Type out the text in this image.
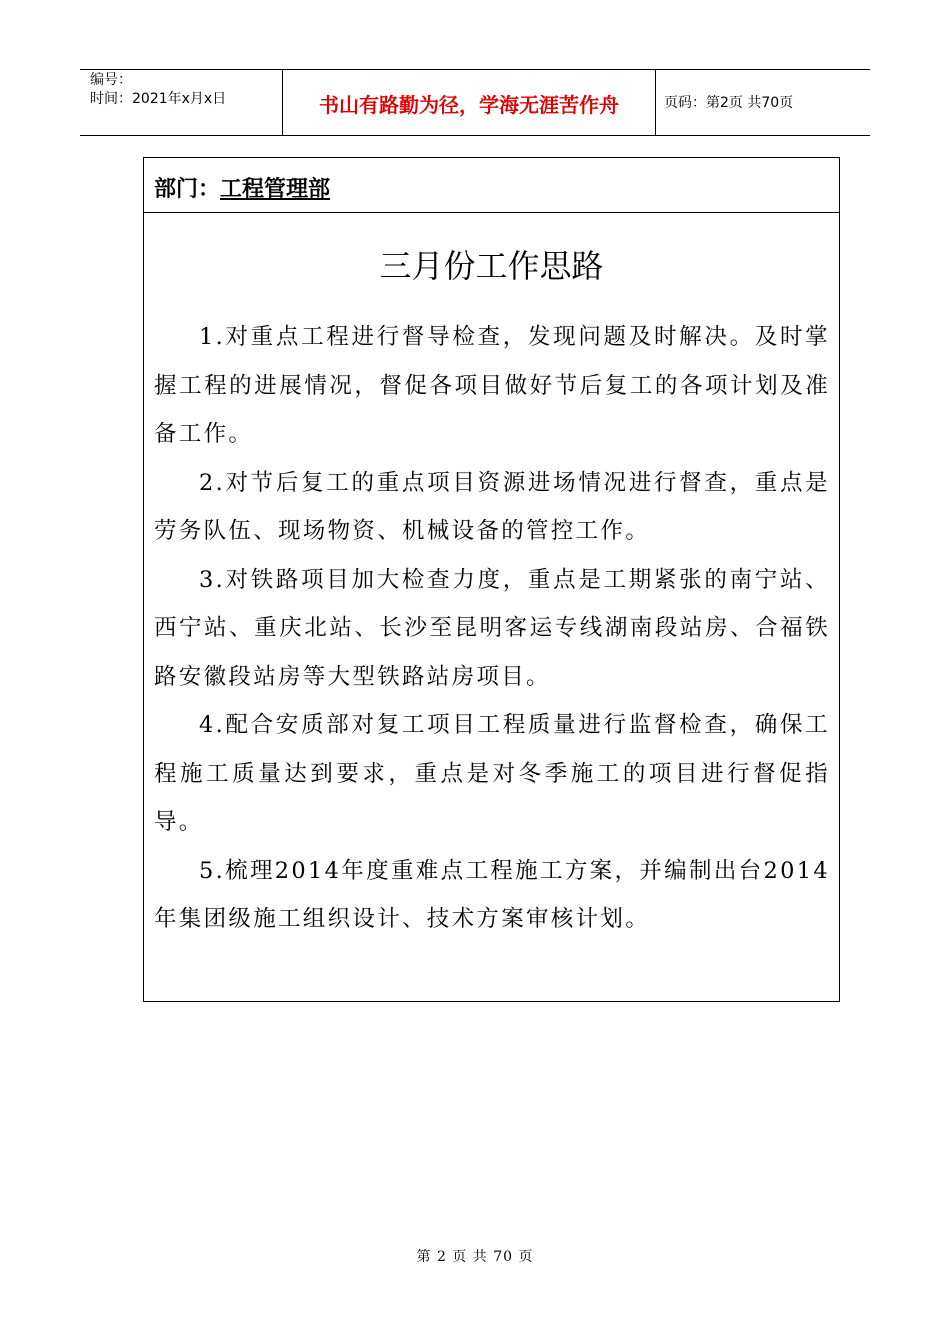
编号：
时间：2021年x月x日	书山有路勤为径，学海无涯苦作舟	页码：第2页 共70页
部门：工程管理部
三月份工作思路

1.对重点工程进行督导检查，发现问题及时解决。及时掌握工程的进展情况，督促各项目做好节后复工的各项计划及准备工作。

2.对节后复工的重点项目资源进场情况进行督查，重点是劳务队伍、现场物资、机械设备的管控工作。

3.对铁路项目加大检查力度，重点是工期紧张的南宁站、西宁站、重庆北站、长沙至昆明客运专线湖南段站房、合福铁路安徽段站房等大型铁路站房项目。

4.配合安质部对复工项目工程质量进行监督检查，确保工程施工质量达到要求，重点是对冬季施工的项目进行督促指导。

5.梳理2014年度重难点工程施工方案，并编制出台2014年集团级施工组织设计、技术方案审核计划。

第 2 页 共 70 页
